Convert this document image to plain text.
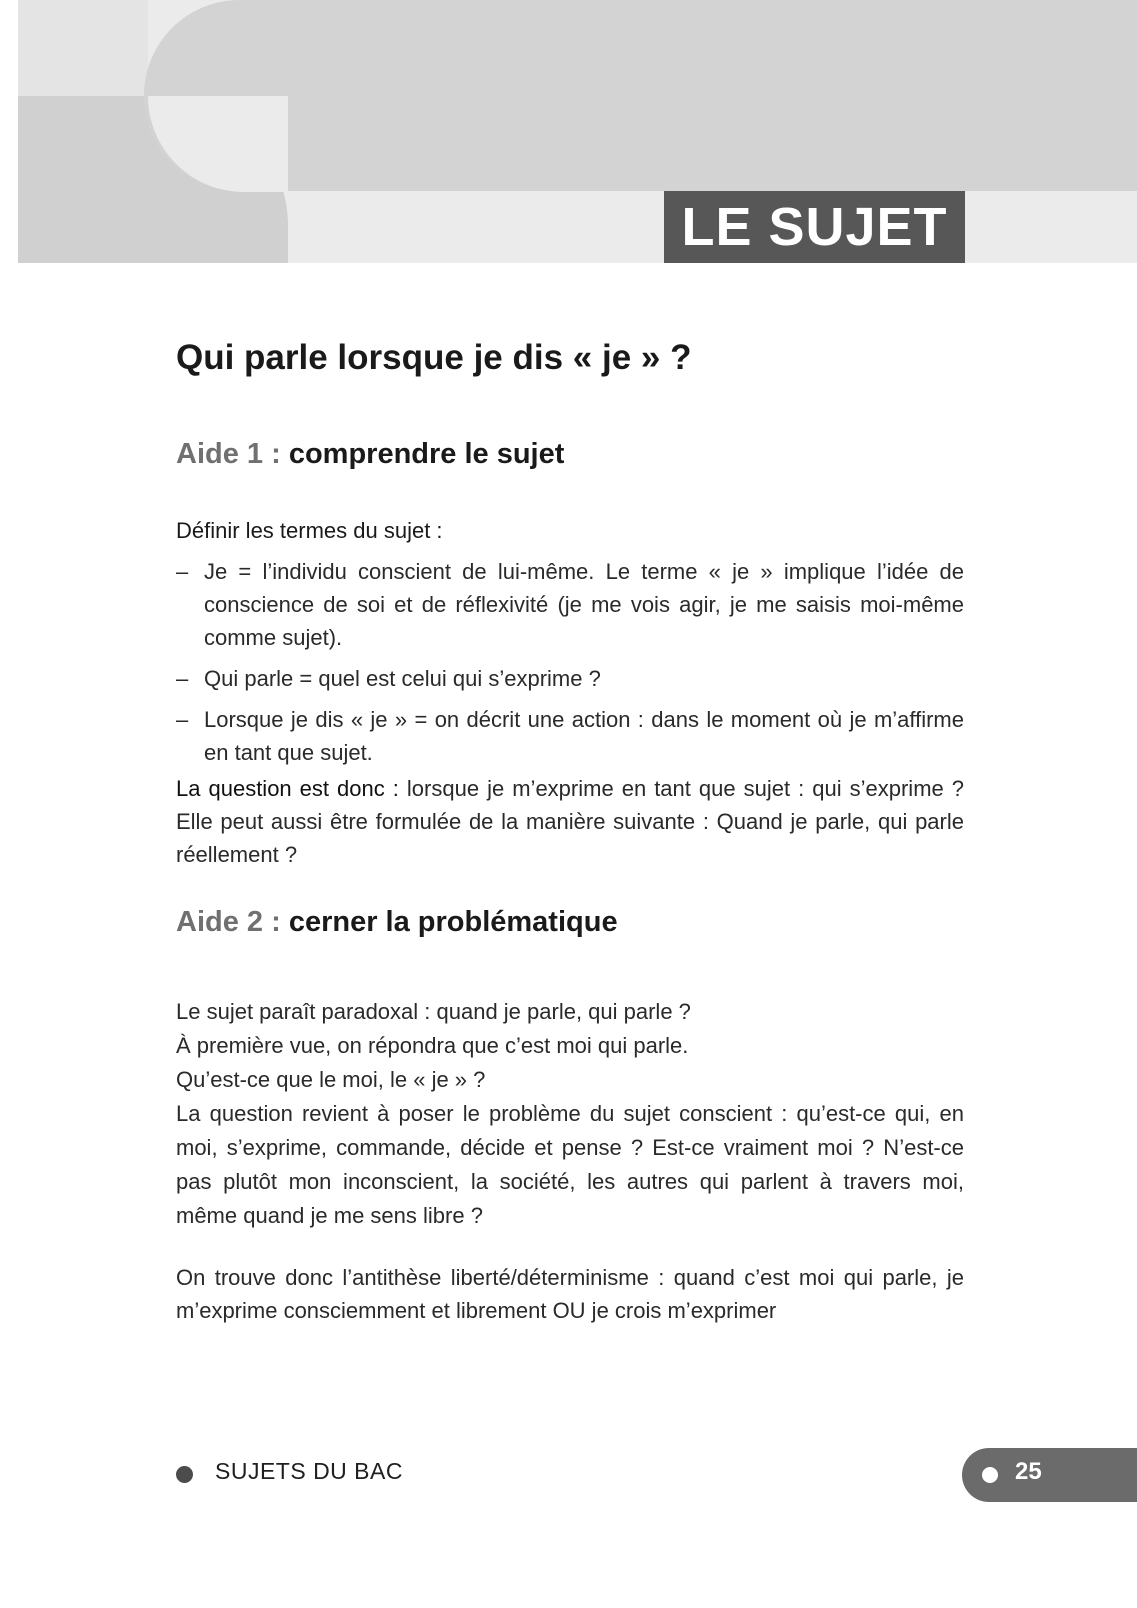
LE SUJET
Qui parle lorsque je dis « je » ?
Aide 1 : comprendre le sujet
Définir les termes du sujet :
– Je = l’individu conscient de lui-même. Le terme « je » implique l’idée de conscience de soi et de réflexivité (je me vois agir, je me saisis moi-même comme sujet).
– Qui parle = quel est celui qui s’exprime ?
– Lorsque je dis « je » = on décrit une action : dans le moment où je m’affirme en tant que sujet.
La question est donc : lorsque je m’exprime en tant que sujet : qui s’exprime ? Elle peut aussi être formulée de la manière suivante : Quand je parle, qui parle réellement ?
Aide 2 : cerner la problématique
Le sujet paraît paradoxal : quand je parle, qui parle ?
À première vue, on répondra que c’est moi qui parle.
Qu’est-ce que le moi, le « je » ?
La question revient à poser le problème du sujet conscient : qu’est-ce qui, en moi, s’exprime, commande, décide et pense ? Est-ce vraiment moi ? N’est-ce pas plutôt mon inconscient, la société, les autres qui parlent à travers moi, même quand je me sens libre ?
On trouve donc l’antithèse liberté/déterminisme : quand c’est moi qui parle, je m’exprime consciemment et librement OU je crois m’exprimer
SUJETS DU BAC	25
